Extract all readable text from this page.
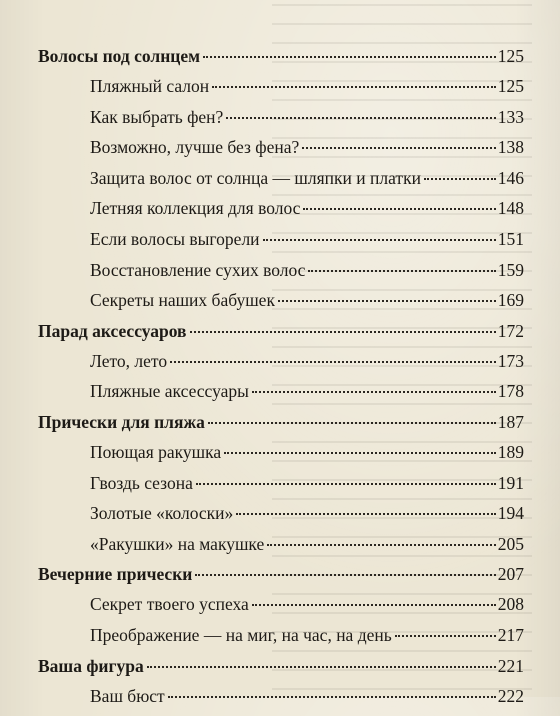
Волосы под солнцем	125
Пляжный салон	125
Как выбрать фен?	133
Возможно, лучше без фена?	138
Защита волос от солнца — шляпки и платки	146
Летняя коллекция для волос	148
Если волосы выгорели	151
Восстановление сухих волос	159
Секреты наших бабушек	169
Парад аксессуаров	172
Лето, лето	173
Пляжные аксессуары	178
Прически для пляжа	187
Поющая ракушка	189
Гвоздь сезона	191
Золотые «колоски»	194
«Ракушки» на макушке	205
Вечерние прически	207
Секрет твоего успеха	208
Преображение — на миг, на час, на день	217
Ваша фигура	221
Ваш бюст	222
